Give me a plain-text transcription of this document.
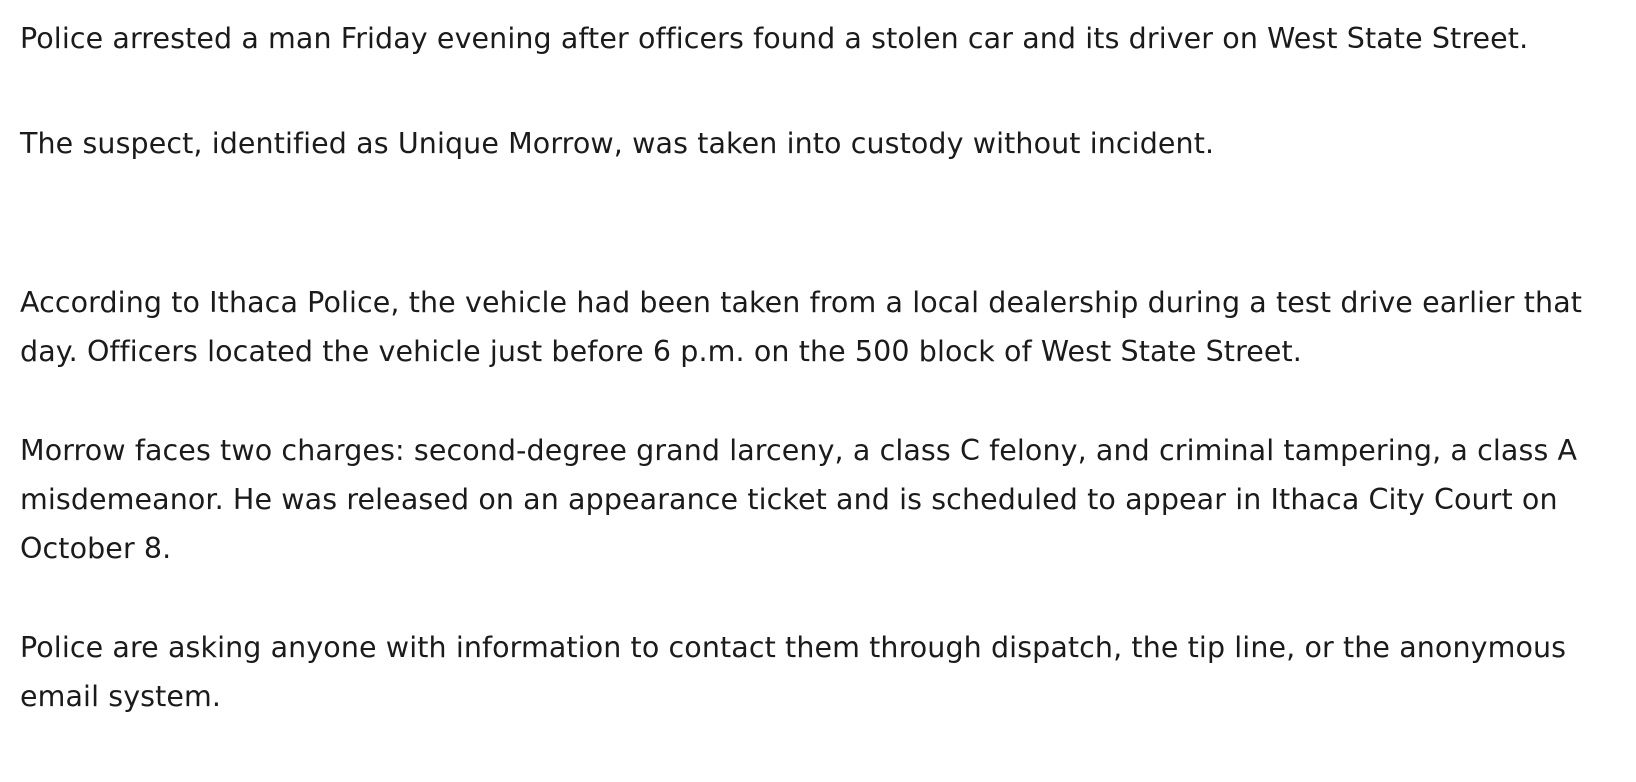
Police arrested a man Friday evening after officers found a stolen car and its driver on West State Street.

The suspect, identified as Unique Morrow, was taken into custody without incident.

According to Ithaca Police, the vehicle had been taken from a local dealership during a test drive earlier that day. Officers located the vehicle just before 6 p.m. on the 500 block of West State Street.

Morrow faces two charges: second-degree grand larceny, a class C felony, and criminal tampering, a class A misdemeanor. He was released on an appearance ticket and is scheduled to appear in Ithaca City Court on October 8.

Police are asking anyone with information to contact them through dispatch, the tip line, or the anonymous email system.
